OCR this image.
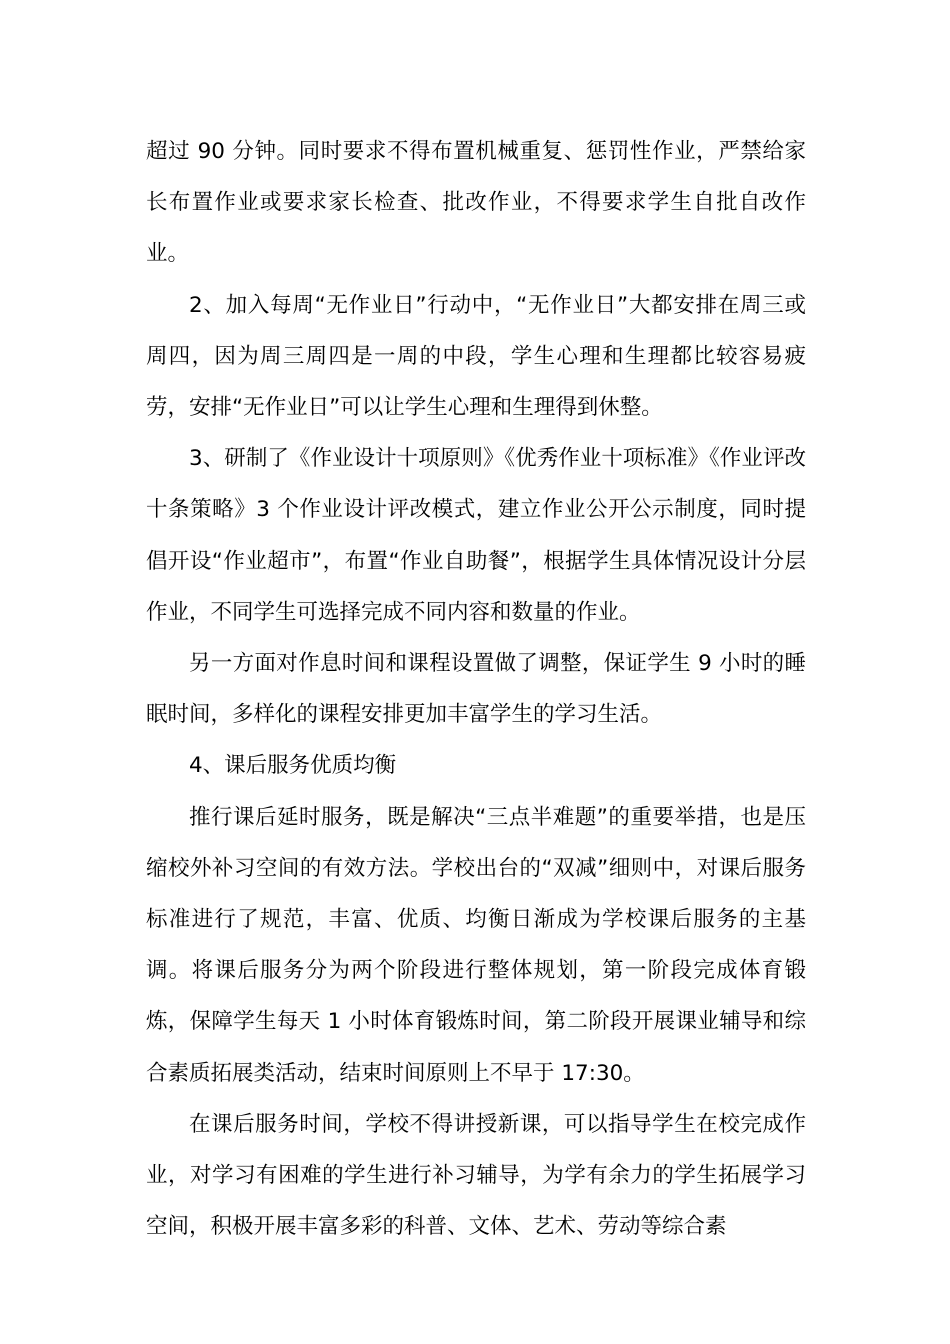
超过 90 分钟。同时要求不得布置机械重复、惩罚性作业，严禁给家长布置作业或要求家长检查、批改作业，不得要求学生自批自改作业。

2、加入每周“无作业日”行动中，“无作业日”大都安排在周三或周四，因为周三周四是一周的中段，学生心理和生理都比较容易疲劳，安排“无作业日”可以让学生心理和生理得到休整。

3、研制了《作业设计十项原则》《优秀作业十项标准》《作业评改十条策略》3 个作业设计评改模式，建立作业公开公示制度，同时提倡开设“作业超市”，布置“作业自助餐”，根据学生具体情况设计分层作业，不同学生可选择完成不同内容和数量的作业。

另一方面对作息时间和课程设置做了调整，保证学生 9 小时的睡眠时间，多样化的课程安排更加丰富学生的学习生活。

4、课后服务优质均衡

推行课后延时服务，既是解决“三点半难题”的重要举措，也是压缩校外补习空间的有效方法。学校出台的“双减”细则中，对课后服务标准进行了规范，丰富、优质、均衡日渐成为学校课后服务的主基调。将课后服务分为两个阶段进行整体规划，第一阶段完成体育锻炼，保障学生每天 1 小时体育锻炼时间，第二阶段开展课业辅导和综合素质拓展类活动，结束时间原则上不早于 17:30。

在课后服务时间，学校不得讲授新课，可以指导学生在校完成作业，对学习有困难的学生进行补习辅导，为学有余力的学生拓展学习空间，积极开展丰富多彩的科普、文体、艺术、劳动等综合素
